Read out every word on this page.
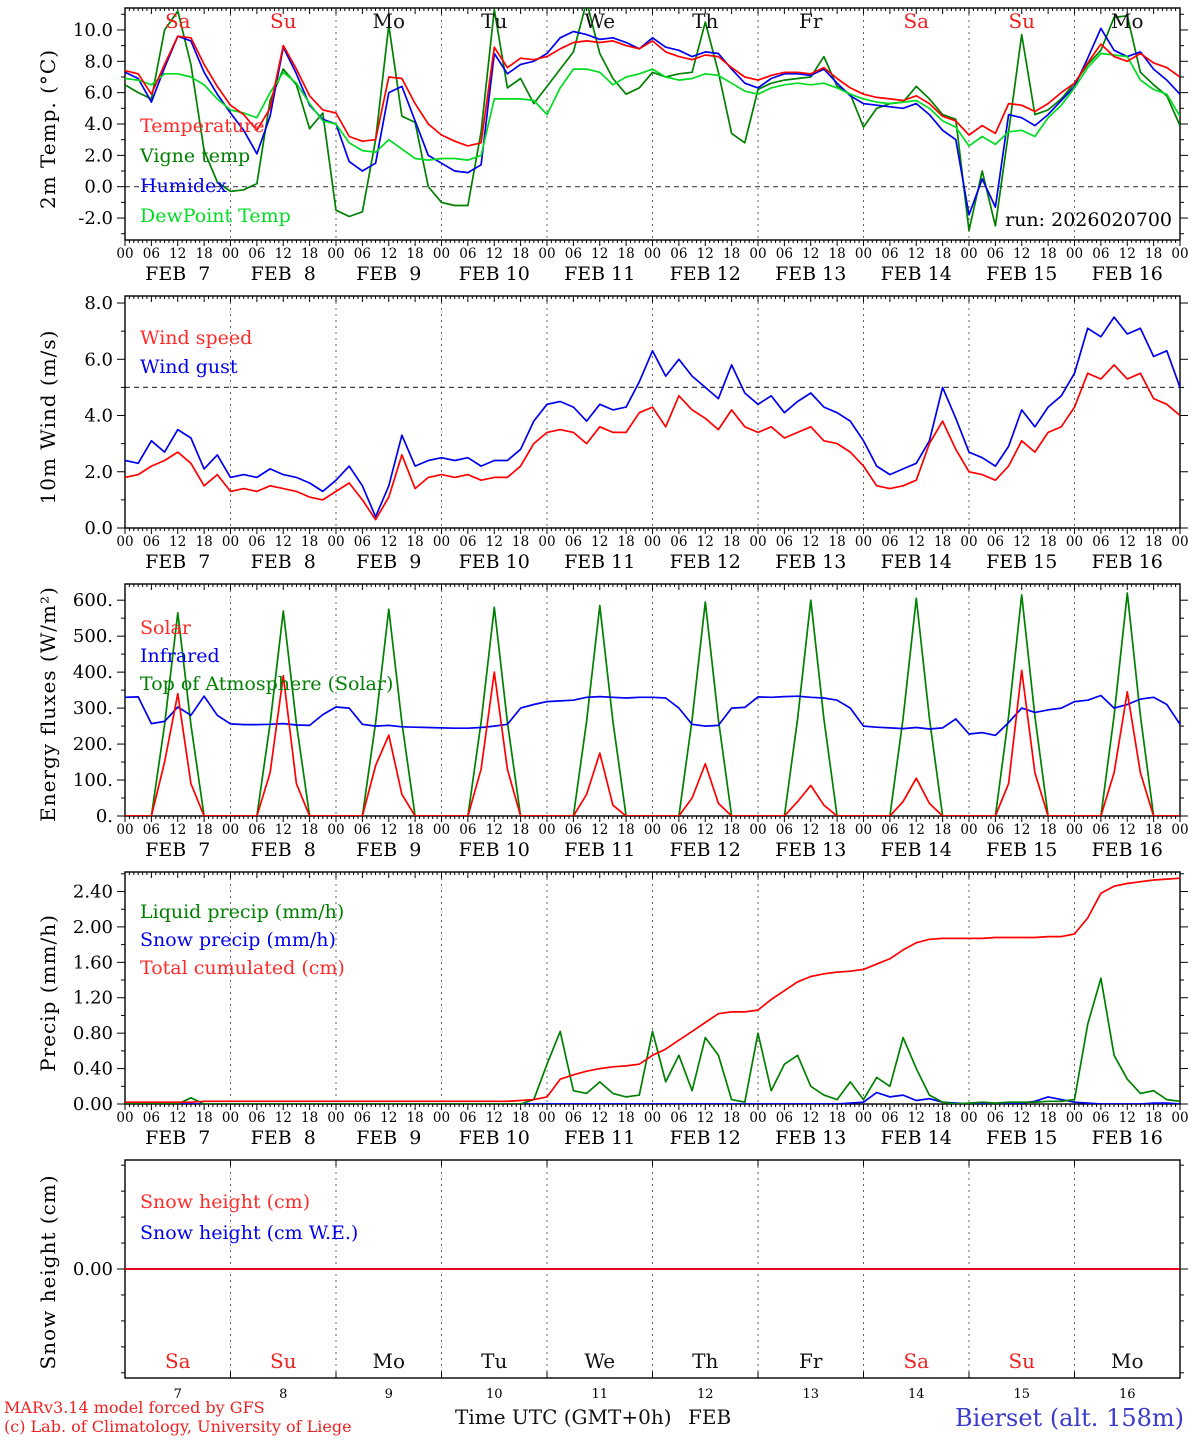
2m Temp. (°C)
10m Wind (m/s)
Energy fluxes (W/m²)
Precip (mm/h)
Snow height (cm)
10.0
8.0
6.0
4.0
2.0
0.0
-2.0
Temperature
Vigne temp
Humidex
DewPoint Temp
00 06 12 18 00 06 12 18 00 06 12 18 00 06 12 18 00 06 12 18 00 06 12 18 00 06 12 18 00 06 12 18 00 06 12 18 00 06 12 18 00
FEB  7 FEB  8 FEB  9 FEB 10 FEB 11 FEB 12 FEB 13 FEB 14 FEB 15 FEB 16
Sa	Su	Mo	Tu	We	Th	Fr	Sa	Su	Mo
run: 2026020700
8.0
6.0
4.0
2.0
0.0
Wind speed
Wind gust
00 06 12 18 00 06 12 18 00 06 12 18 00 06 12 18 00 06 12 18 00 06 12 18 00 06 12 18 00 06 12 18 00 06 12 18 00 06 12 18 00
FEB  7 FEB  8 FEB  9 FEB 10 FEB 11 FEB 12 FEB 13 FEB 14 FEB 15 FEB 16
600.
500.
400.
300.
200.
100.
0.
Solar
Infrared
Top of Atmosphere (Solar)
00 06 12 18 00 06 12 18 00 06 12 18 00 06 12 18 00 06 12 18 00 06 12 18 00 06 12 18 00 06 12 18 00 06 12 18 00 06 12 18 00
FEB  7 FEB  8 FEB  9 FEB 10 FEB 11 FEB 12 FEB 13 FEB 14 FEB 15 FEB 16
2.40
2.00
1.60
1.20
0.80
0.40
0.00
Liquid precip (mm/h)
Snow precip (mm/h)
Total cumulated (cm)
00 06 12 18 00 06 12 18 00 06 12 18 00 06 12 18 00 06 12 18 00 06 12 18 00 06 12 18 00 06 12 18 00 06 12 18 00 06 12 18 00
FEB  7 FEB  8 FEB  9 FEB 10 FEB 11 FEB 12 FEB 13 FEB 14 FEB 15 FEB 16
0.00
Snow height (cm)
Snow height (cm W.E.)
7	8	9	10	11	12	13	14	15	16
Sa	Su	Mo	Tu	We	Th	Fr	Sa	Su	Mo
MARv3.14 model forced by GFS
(c) Lab. of Climatology, University of Liege	Time UTC (GMT+0h) FEB	Bierset (alt. 158m)
